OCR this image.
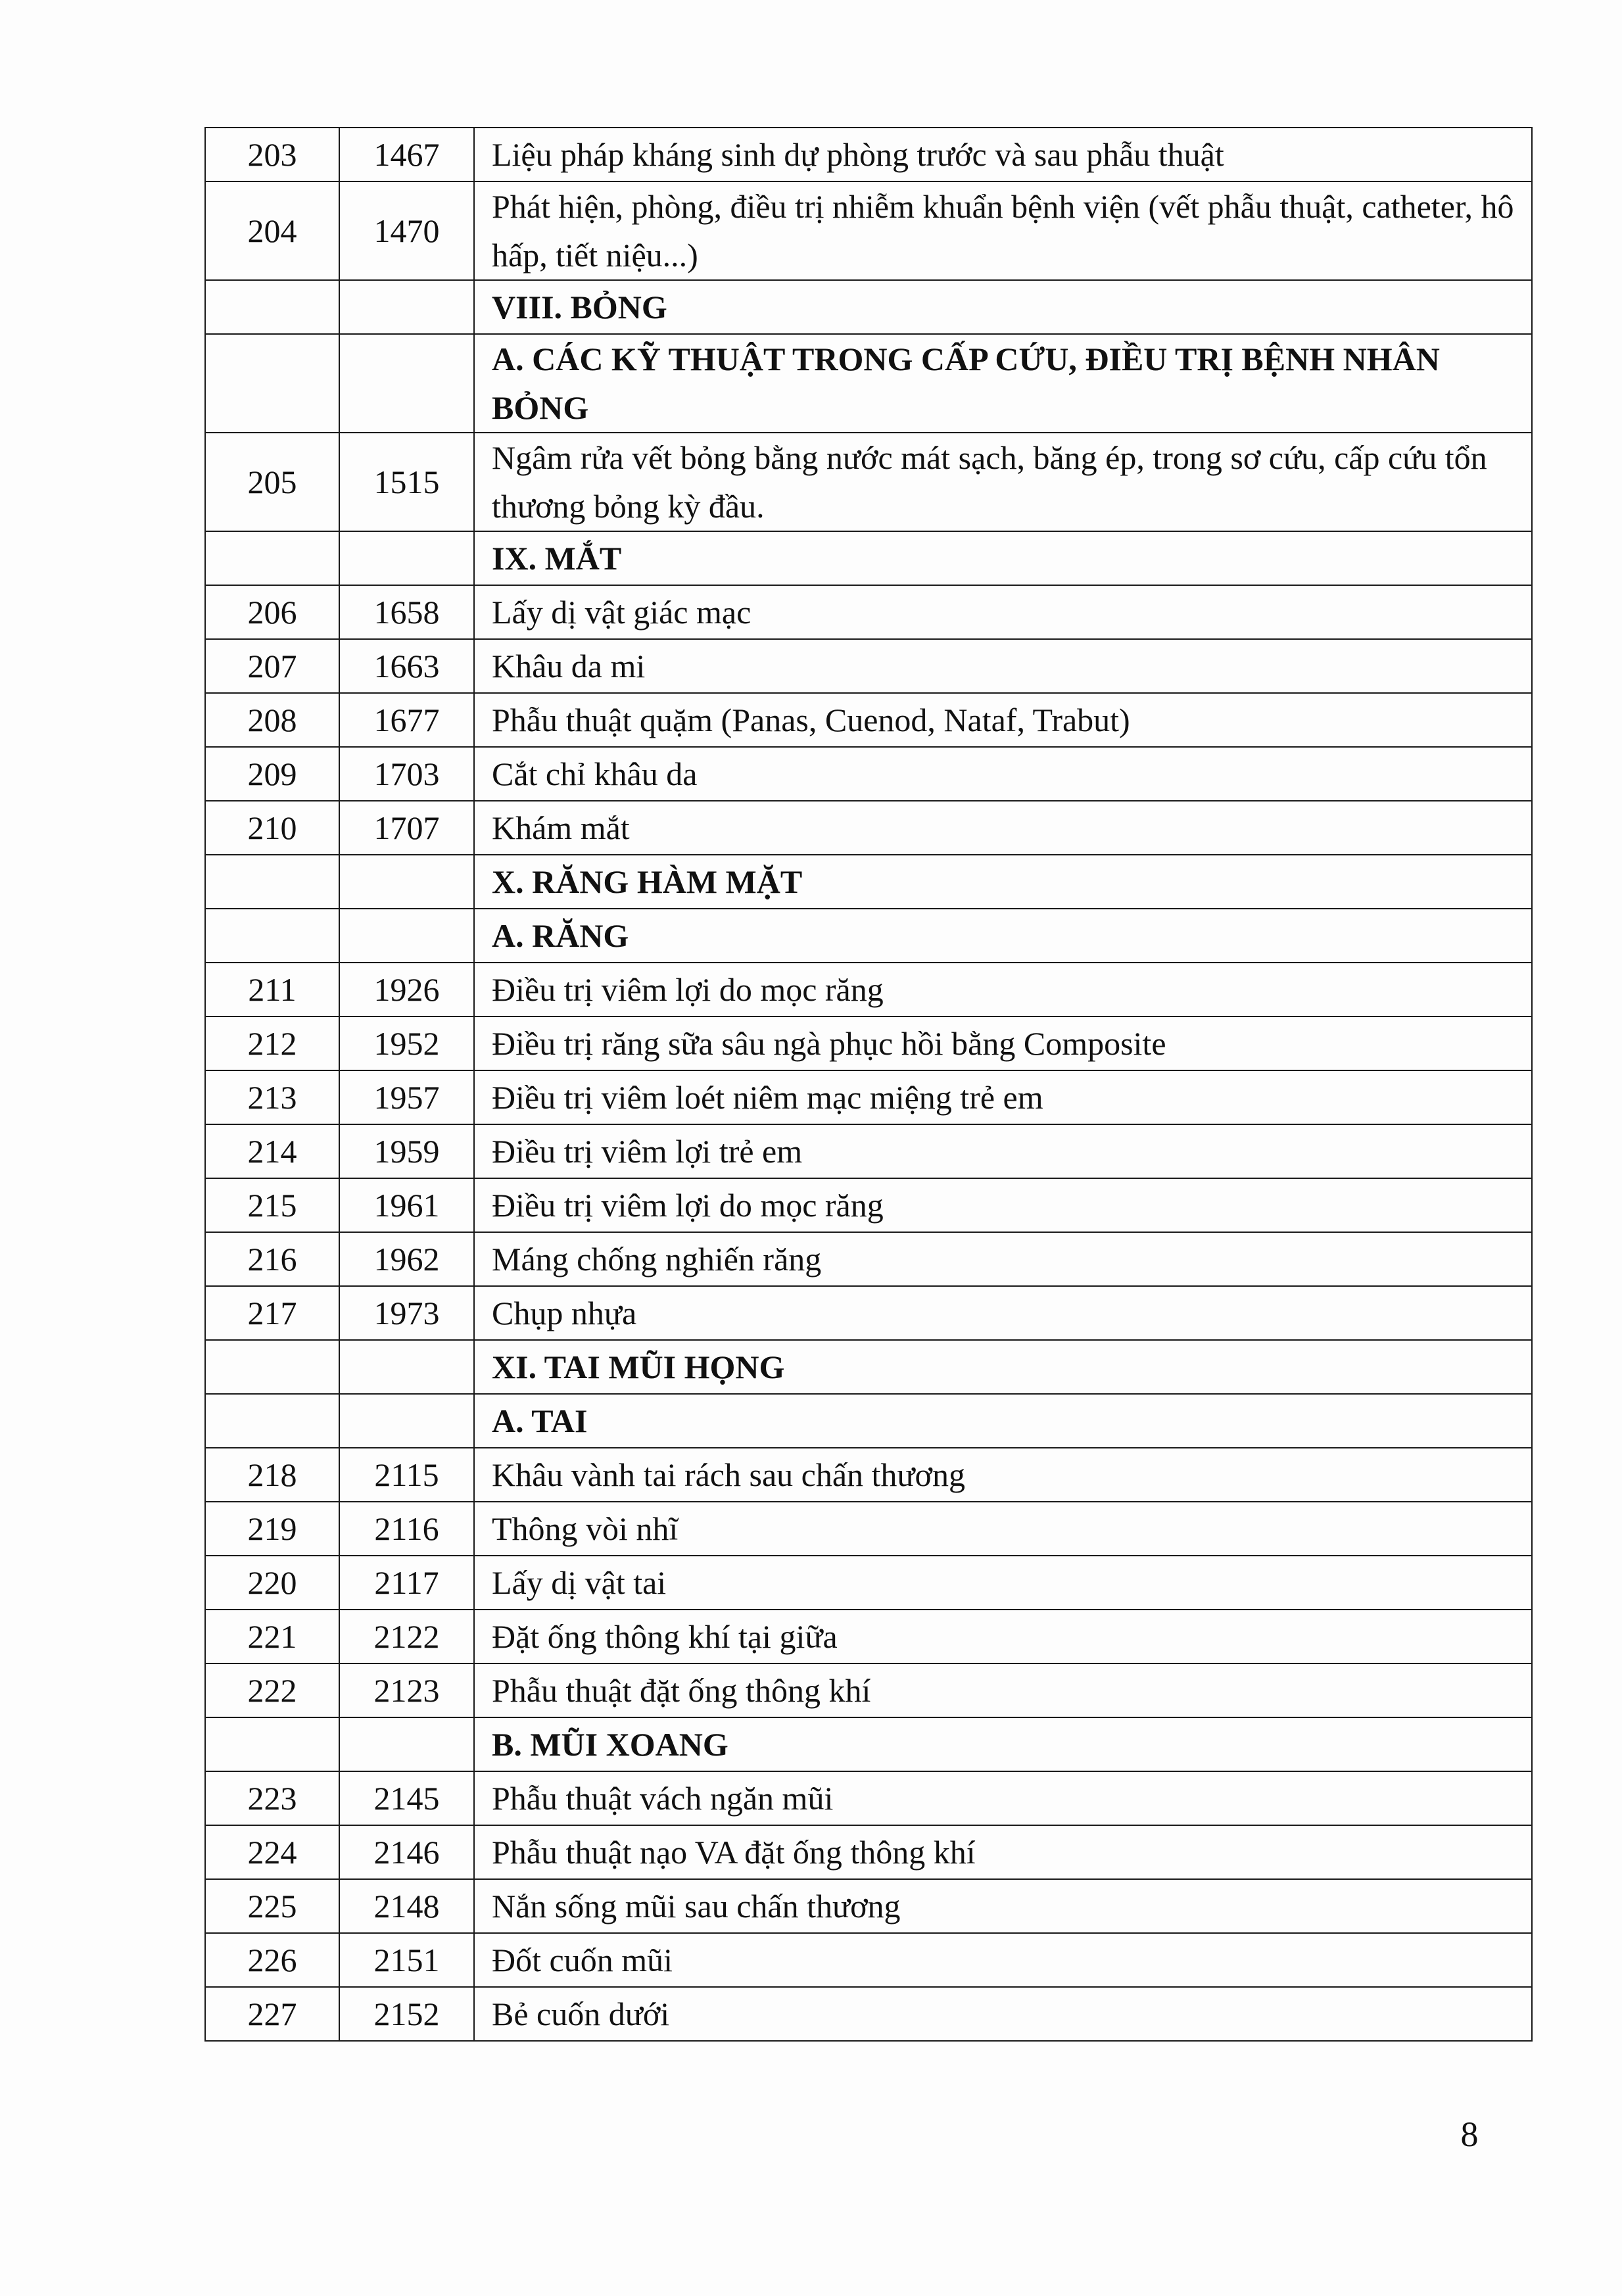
203	1467	Liệu pháp kháng sinh dự phòng trước và sau phẫu thuật
204	1470	Phát hiện, phòng, điều trị nhiễm khuẩn bệnh viện (vết phẫu thuật, catheter, hô hấp, tiết niệu...)
		VIII. BỎNG
		A. CÁC KỸ THUẬT TRONG CẤP CỨU, ĐIỀU TRỊ BỆNH NHÂN BỎNG
205	1515	Ngâm rửa vết bỏng bằng nước mát sạch, băng ép, trong sơ cứu, cấp cứu tổn thương bỏng kỳ đầu.
		IX. MẮT
206	1658	Lấy dị vật giác mạc
207	1663	Khâu da mi
208	1677	Phẫu thuật quặm (Panas, Cuenod, Nataf, Trabut)
209	1703	Cắt chỉ khâu da
210	1707	Khám mắt
		X. RĂNG HÀM MẶT
		A. RĂNG
211	1926	Điều trị viêm lợi do mọc răng
212	1952	Điều trị răng sữa sâu ngà phục hồi bằng Composite
213	1957	Điều trị viêm loét niêm mạc miệng trẻ em
214	1959	Điều trị viêm lợi trẻ em
215	1961	Điều trị viêm lợi do mọc răng
216	1962	Máng chống nghiến răng
217	1973	Chụp nhựa
		XI. TAI MŨI HỌNG
		A. TAI
218	2115	Khâu vành tai rách sau chấn thương
219	2116	Thông vòi nhĩ
220	2117	Lấy dị vật tai
221	2122	Đặt ống thông khí tại giữa
222	2123	Phẫu thuật đặt ống thông khí
		B. MŨI XOANG
223	2145	Phẫu thuật vách ngăn mũi
224	2146	Phẫu thuật nạo VA đặt ống thông khí
225	2148	Nắn sống mũi sau chấn thương
226	2151	Đốt cuốn mũi
227	2152	Bẻ cuốn dưới
8
